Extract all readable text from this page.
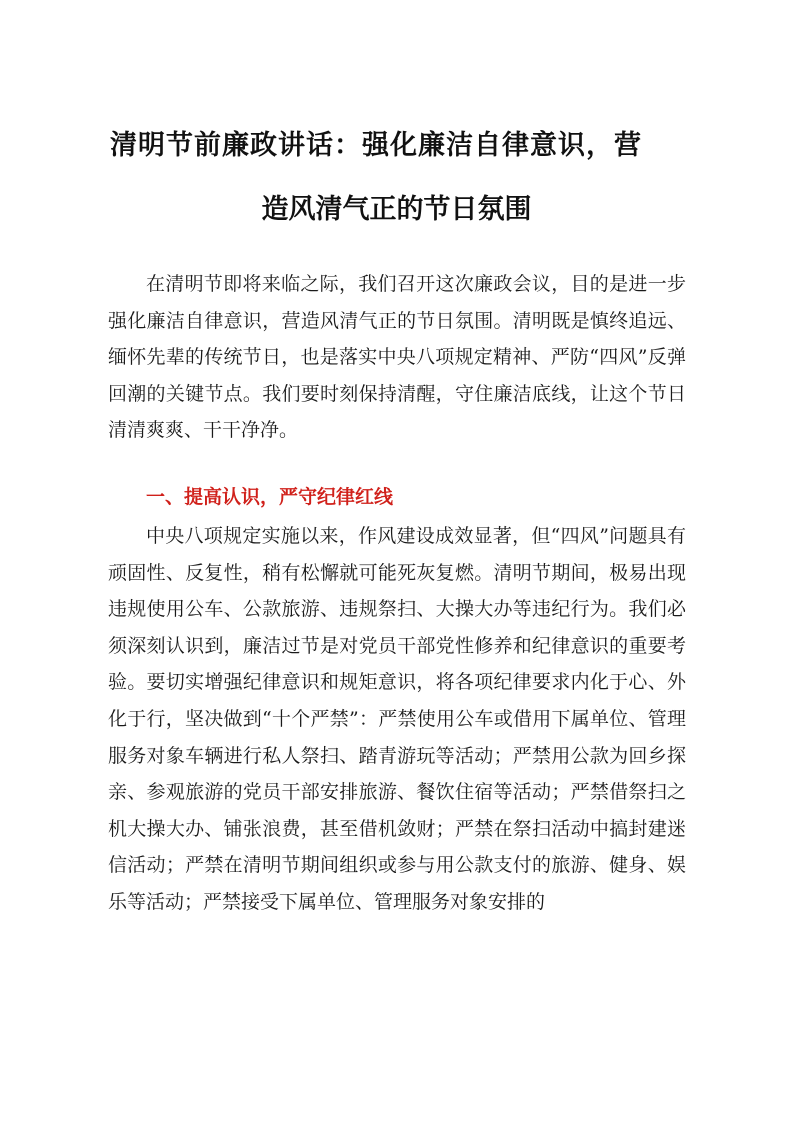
清明节前廉政讲话：强化廉洁自律意识，营
造风清气正的节日氛围

在清明节即将来临之际，我们召开这次廉政会议，目的是进一步强化廉洁自律意识，营造风清气正的节日氛围。清明既是慎终追远、缅怀先辈的传统节日，也是落实中央八项规定精神、严防“四风”反弹回潮的关键节点。我们要时刻保持清醒，守住廉洁底线，让这个节日清清爽爽、干干净净。

一、提高认识，严守纪律红线

中央八项规定实施以来，作风建设成效显著，但“四风”问题具有顽固性、反复性，稍有松懈就可能死灰复燃。清明节期间，极易出现违规使用公车、公款旅游、违规祭扫、大操大办等违纪行为。我们必须深刻认识到，廉洁过节是对党员干部党性修养和纪律意识的重要考验。要切实增强纪律意识和规矩意识，将各项纪律要求内化于心、外化于行，坚决做到“十个严禁”：严禁使用公车或借用下属单位、管理服务对象车辆进行私人祭扫、踏青游玩等活动；严禁用公款为回乡探亲、参观旅游的党员干部安排旅游、餐饮住宿等活动；严禁借祭扫之机大操大办、铺张浪费，甚至借机敛财；严禁在祭扫活动中搞封建迷信活动；严禁在清明节期间组织或参与用公款支付的旅游、健身、娱乐等活动；严禁接受下属单位、管理服务对象安排的
